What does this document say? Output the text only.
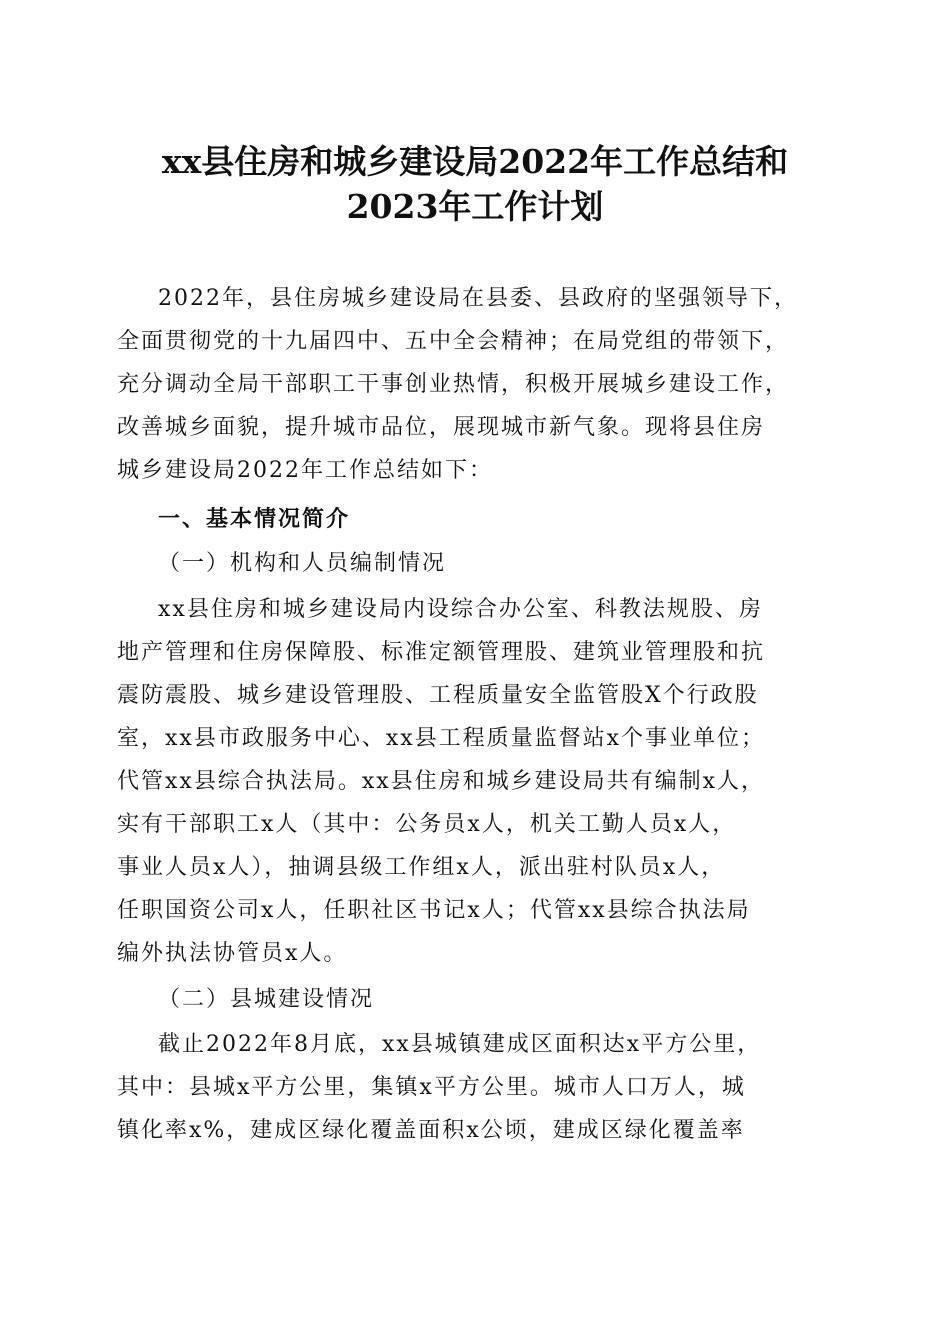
xx县住房和城乡建设局2022年工作总结和
2023年工作计划
2022年，县住房城乡建设局在县委、县政府的坚强领导下，
全面贯彻党的十九届四中、五中全会精神；在局党组的带领下，
充分调动全局干部职工干事创业热情，积极开展城乡建设工作，
改善城乡面貌，提升城市品位，展现城市新气象。现将县住房
城乡建设局2022年工作总结如下：
一、基本情况简介
（一）机构和人员编制情况
xx县住房和城乡建设局内设综合办公室、科教法规股、房
地产管理和住房保障股、标准定额管理股、建筑业管理股和抗
震防震股、城乡建设管理股、工程质量安全监管股X个行政股
室，xx县市政服务中心、xx县工程质量监督站x个事业单位；
代管xx县综合执法局。xx县住房和城乡建设局共有编制x人，
实有干部职工x人（其中：公务员x人，机关工勤人员x人，
事业人员x人），抽调县级工作组x人，派出驻村队员x人，
任职国资公司x人，任职社区书记x人；代管xx县综合执法局
编外执法协管员x人。
（二）县城建设情况
截止2022年8月底，xx县城镇建成区面积达x平方公里，
其中：县城x平方公里，集镇x平方公里。城市人口万人，城
镇化率x%，建成区绿化覆盖面积x公顷，建成区绿化覆盖率
